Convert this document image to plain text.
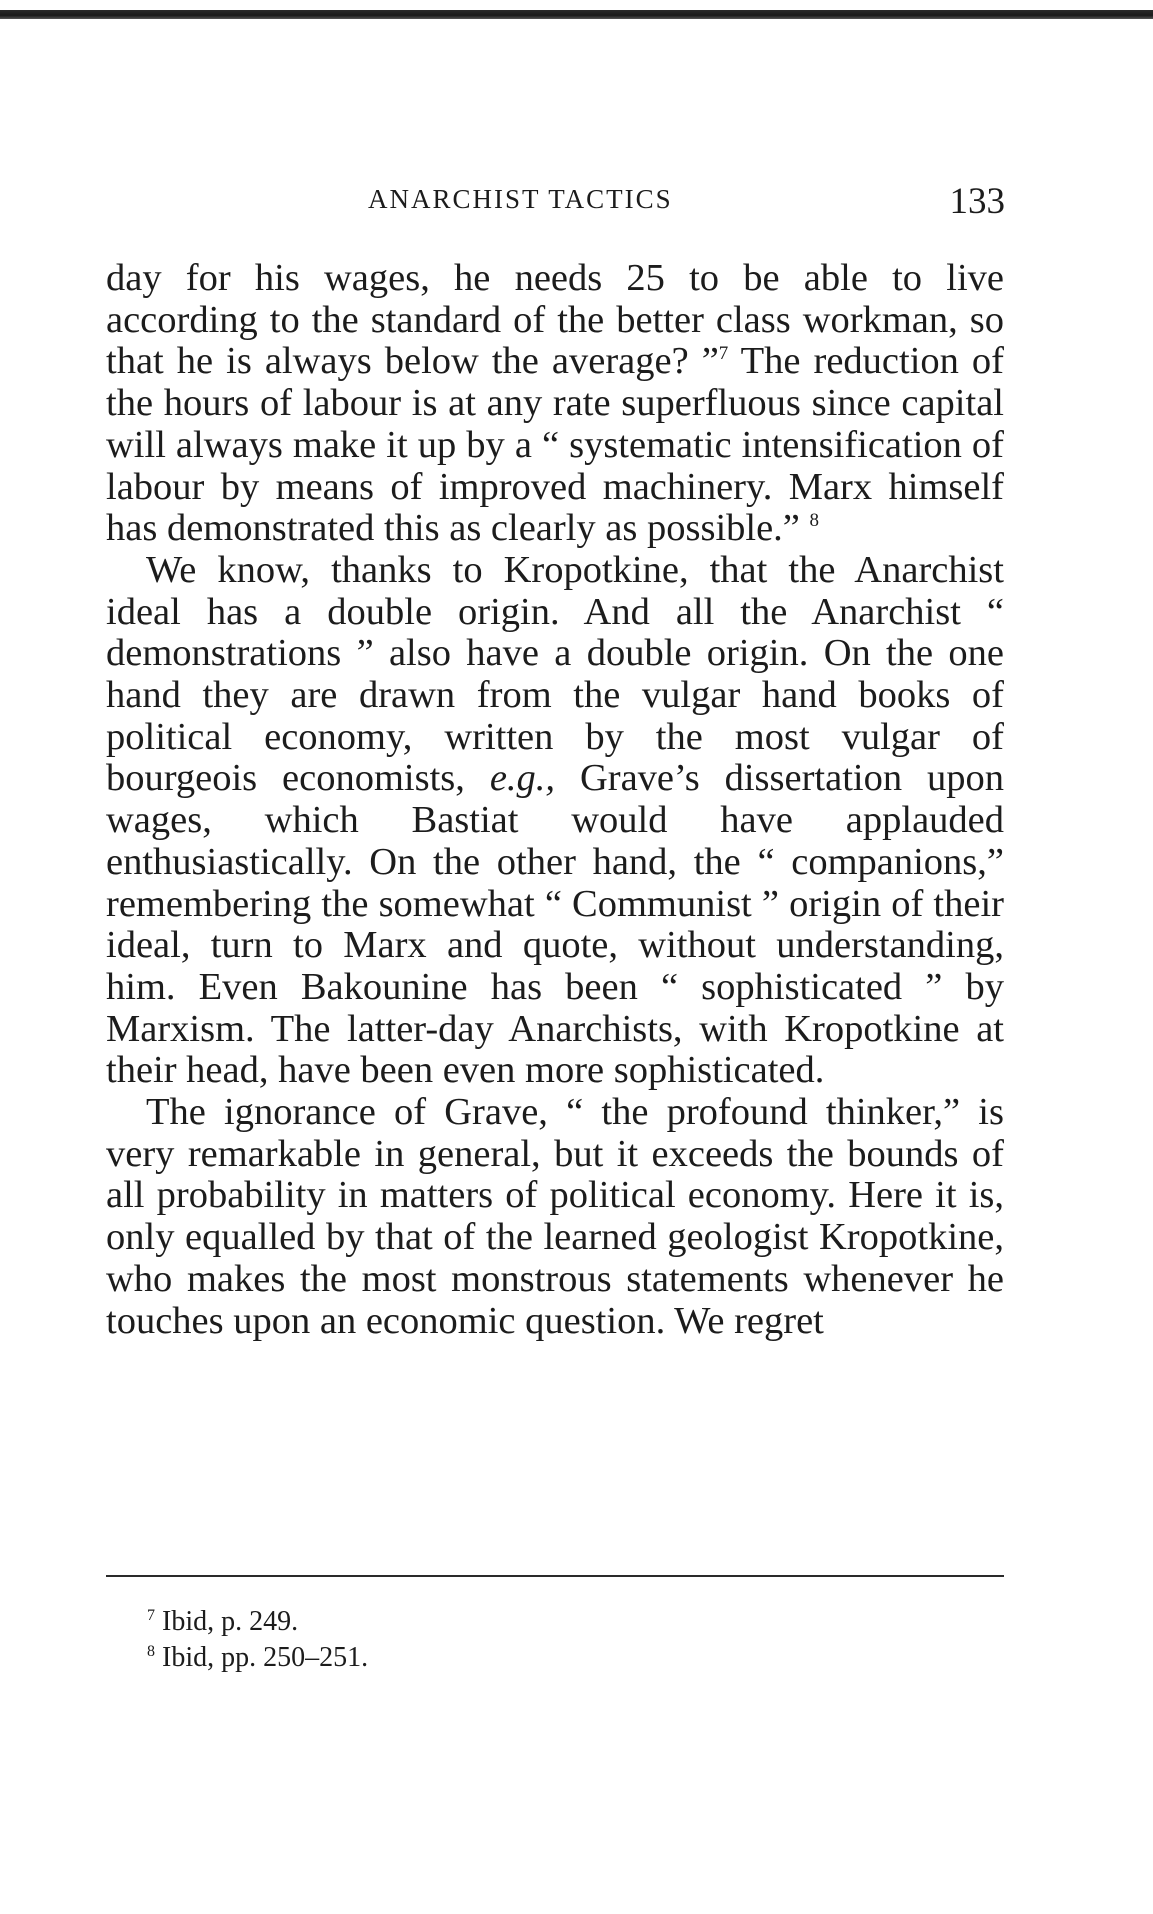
ANARCHIST TACTICS	133

day for his wages, he needs 25 to be able to live according to the standard of the better class workman, so that he is always below the average? ”$^7$ The reduction of the hours of labour is at any rate superfluous since capital will always make it up by a “ systematic intensification of labour by means of improved machinery. Marx himself has demonstrated this as clearly as possible.” $^8$

We know, thanks to Kropotkine, that the Anarchist ideal has a double origin. And all the Anarchist “ demonstrations ” also have a double origin. On the one hand they are drawn from the vulgar hand books of political economy, written by the most vulgar of bourgeois economists, e.g., Grave’s dissertation upon wages, which Bastiat would have applauded enthusiastically. On the other hand, the “ companions,” remembering the somewhat “ Communist ” origin of their ideal, turn to Marx and quote, without understanding, him. Even Bakounine has been “ sophisticated ” by Marxism. The latter-day Anarchists, with Kropotkine at their head, have been even more sophisticated.

The ignorance of Grave, “ the profound thinker,” is very remarkable in general, but it exceeds the bounds of all probability in matters of political economy. Here it is, only equalled by that of the learned geologist Kropotkine, who makes the most monstrous statements whenever he touches upon an economic question. We regret

$^7$ Ibid, p. 249.
$^8$ Ibid, pp. 250–251.
